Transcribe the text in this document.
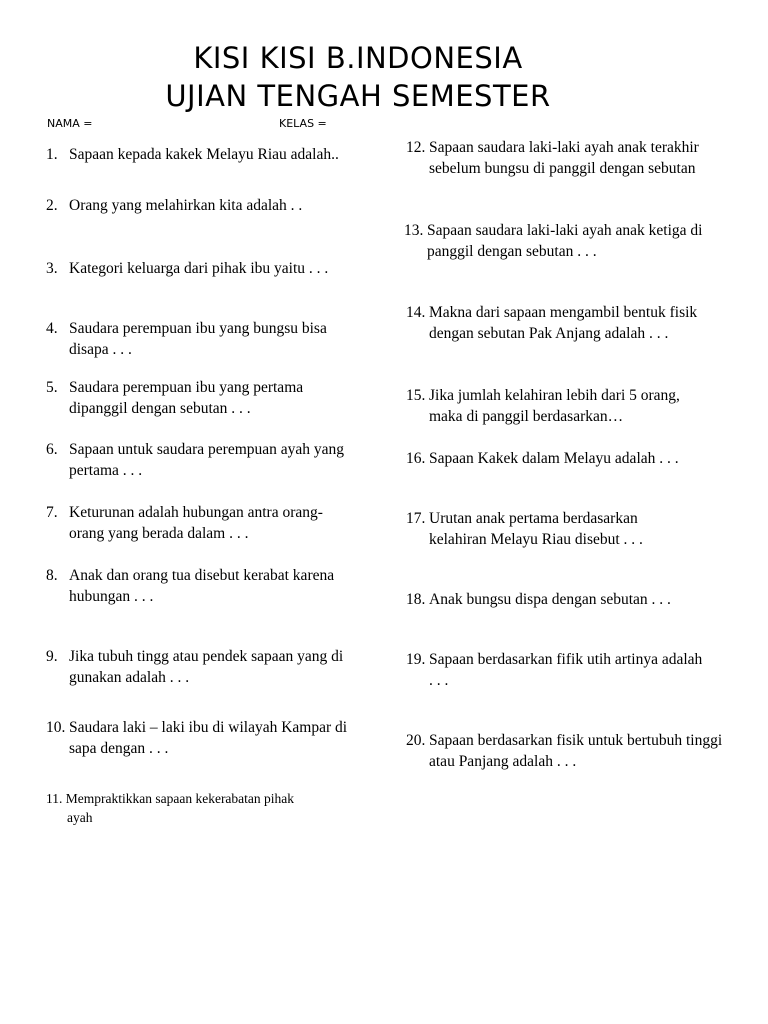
KISI KISI B.INDONESIA
UJIAN TENGAH SEMESTER
NAMA =	KELAS =
1. Sapaan kepada kakek Melayu Riau adalah..
2. Orang yang melahirkan kita adalah . .
3. Kategori keluarga dari pihak ibu yaitu . . .
4. Saudara perempuan ibu yang bungsu bisa disapa . . .
5. Saudara perempuan ibu yang pertama dipanggil dengan sebutan . . .
6. Sapaan untuk saudara perempuan ayah yang pertama . . .
7. Keturunan adalah hubungan antra orang-orang yang berada dalam . . .
8. Anak dan orang tua disebut kerabat karena hubungan . . .
9. Jika tubuh tingg atau pendek sapaan yang di gunakan adalah . . .
10. Saudara laki – laki ibu di wilayah Kampar di sapa dengan . . .
11. Mempraktikkan sapaan kekerabatan pihak
ayah
12. Sapaan saudara laki-laki ayah anak terakhir sebelum bungsu di panggil dengan sebutan
13. Sapaan saudara laki-laki ayah anak ketiga di panggil dengan sebutan . . .
14. Makna dari sapaan mengambil bentuk fisik dengan sebutan Pak Anjang adalah . . .
15. Jika jumlah kelahiran lebih dari 5 orang, maka di panggil berdasarkan…
16. Sapaan Kakek dalam Melayu adalah . . .
17. Urutan anak pertama berdasarkan kelahiran Melayu Riau disebut . . .
18. Anak bungsu dispa dengan sebutan . . .
19. Sapaan berdasarkan fifik utih artinya adalah . . .
20. Sapaan berdasarkan fisik untuk bertubuh tinggi atau Panjang adalah . . .
